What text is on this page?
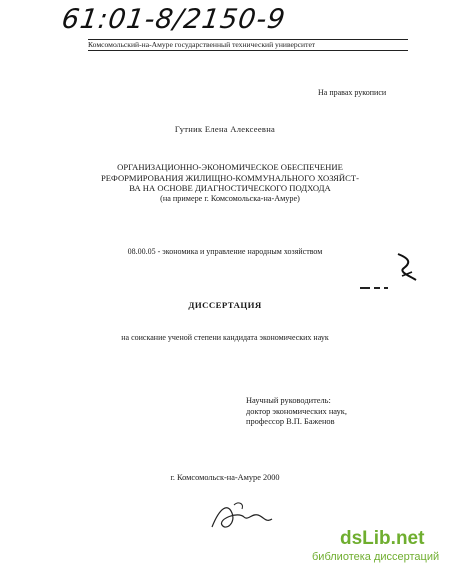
61:01-8/2150-9
Комсомольский-на-Амуре государственный технический университет
На правах рукописи
Гутник Елена Алексеевна
ОРГАНИЗАЦИОННО-ЭКОНОМИЧЕСКОЕ ОБЕСПЕЧЕНИЕ
РЕФОРМИРОВАНИЯ ЖИЛИЩНО-КОММУНАЛЬНОГО ХОЗЯЙСТ-
ВА НА ОСНОВЕ ДИАГНОСТИЧЕСКОГО ПОДХОДА
(на примере г. Комсомольска-на-Амуре)
08.00.05 - экономика и управление народным хозяйством
ДИССЕРТАЦИЯ
на соискание ученой степени кандидата экономических наук
Научный руководитель:
доктор экономических наук,
профессор В.П. Баженов
г. Комсомольск-на-Амуре 2000
dsLib.net
библиотека диссертаций
